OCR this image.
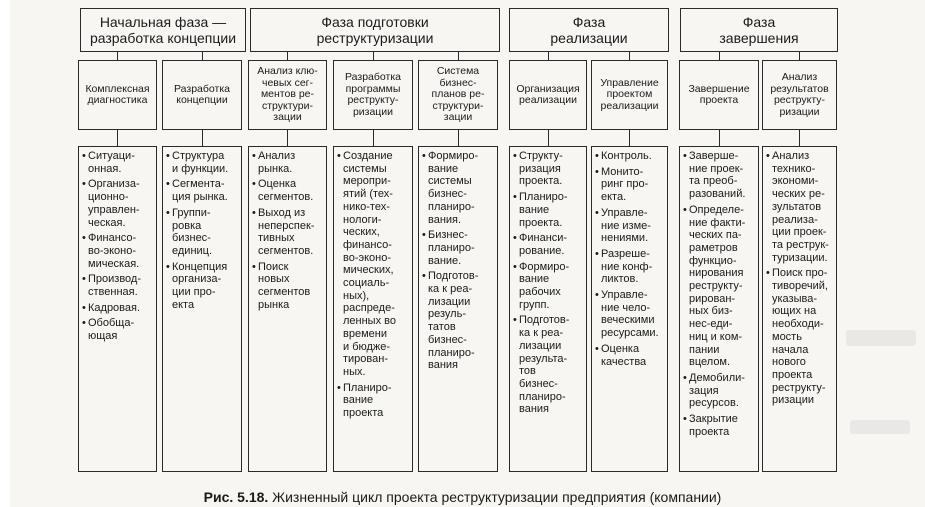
Начальная фаза —
разработка концепции
Фаза подготовки
реструктуризации
Фаза
реализации
Фаза
завершения
Комплексная
диагностика
Разработка
концепции
Анализ клю-
чевых сег-
ментов ре-
структури-
зации
Разработка
программы
реструкту-
ризации
Система
бизнес-
планов ре-
структури-
зации
Организация
реализации
Управление
проектом
реализации
Завершение
проекта
Анализ
результатов
реструкту-
ризации
• Ситуаци-
онная.
• Организа-
ционно-
управлен-
ческая.
• Финансо-
во-эконо-
мическая.
• Производ-
ственная.
• Кадровая.
• Обобща-
ющая
• Структура
и функции.
• Сегмента-
ция рынка.
• Группи-
ровка
бизнес-
единиц.
• Концепция
организа-
ции про-
екта
• Анализ
рынка.
• Оценка
сегментов.
• Выход из
неперспек-
тивных
сегментов.
• Поиск
новых
сегментов
рынка
• Создание
системы
меропри-
ятий (тех-
нико-тех-
нологи-
ческих,
финансо-
во-эконо-
мических,
социаль-
ных),
распреде-
ленных во
времени
и бюдже-
тирован-
ных.
• Планиро-
вание
проекта
• Формиро-
вание
системы
бизнес-
планиро-
вания.
• Бизнес-
планиро-
вание.
• Подготов-
ка к реа-
лизации
резуль-
татов
бизнес-
планиро-
вания
• Структу-
ризация
проекта.
• Планиро-
вание
проекта.
• Финанси-
рование.
• Формиро-
вание
рабочих
групп.
• Подготов-
ка к реа-
лизации
результа-
тов
бизнес-
планиро-
вания
• Контроль.
• Монито-
ринг про-
екта.
• Управле-
ние изме-
нениями.
• Разреше-
ние конф-
ликтов.
• Управле-
ние чело-
веческими
ресурсами.
• Оценка
качества
• Заверше-
ние проек-
та преоб-
разований.
• Определе-
ние факти-
ческих па-
раметров
функцио-
нирования
реструкту-
рирован-
ных биз-
нес-еди-
ниц и ком-
пании
вцелом.
• Демобили-
зация
ресурсов.
• Закрытие
проекта
• Анализ
технико-
экономи-
ческих ре-
зультатов
реализа-
ции проек-
та реструк-
туризации.
• Поиск про-
тиворечий,
указыва-
ющих на
необходи-
мость
начала
нового
проекта
реструкту-
ризации
Рис. 5.18. Жизненный цикл проекта реструктуризации предприятия (компании)
